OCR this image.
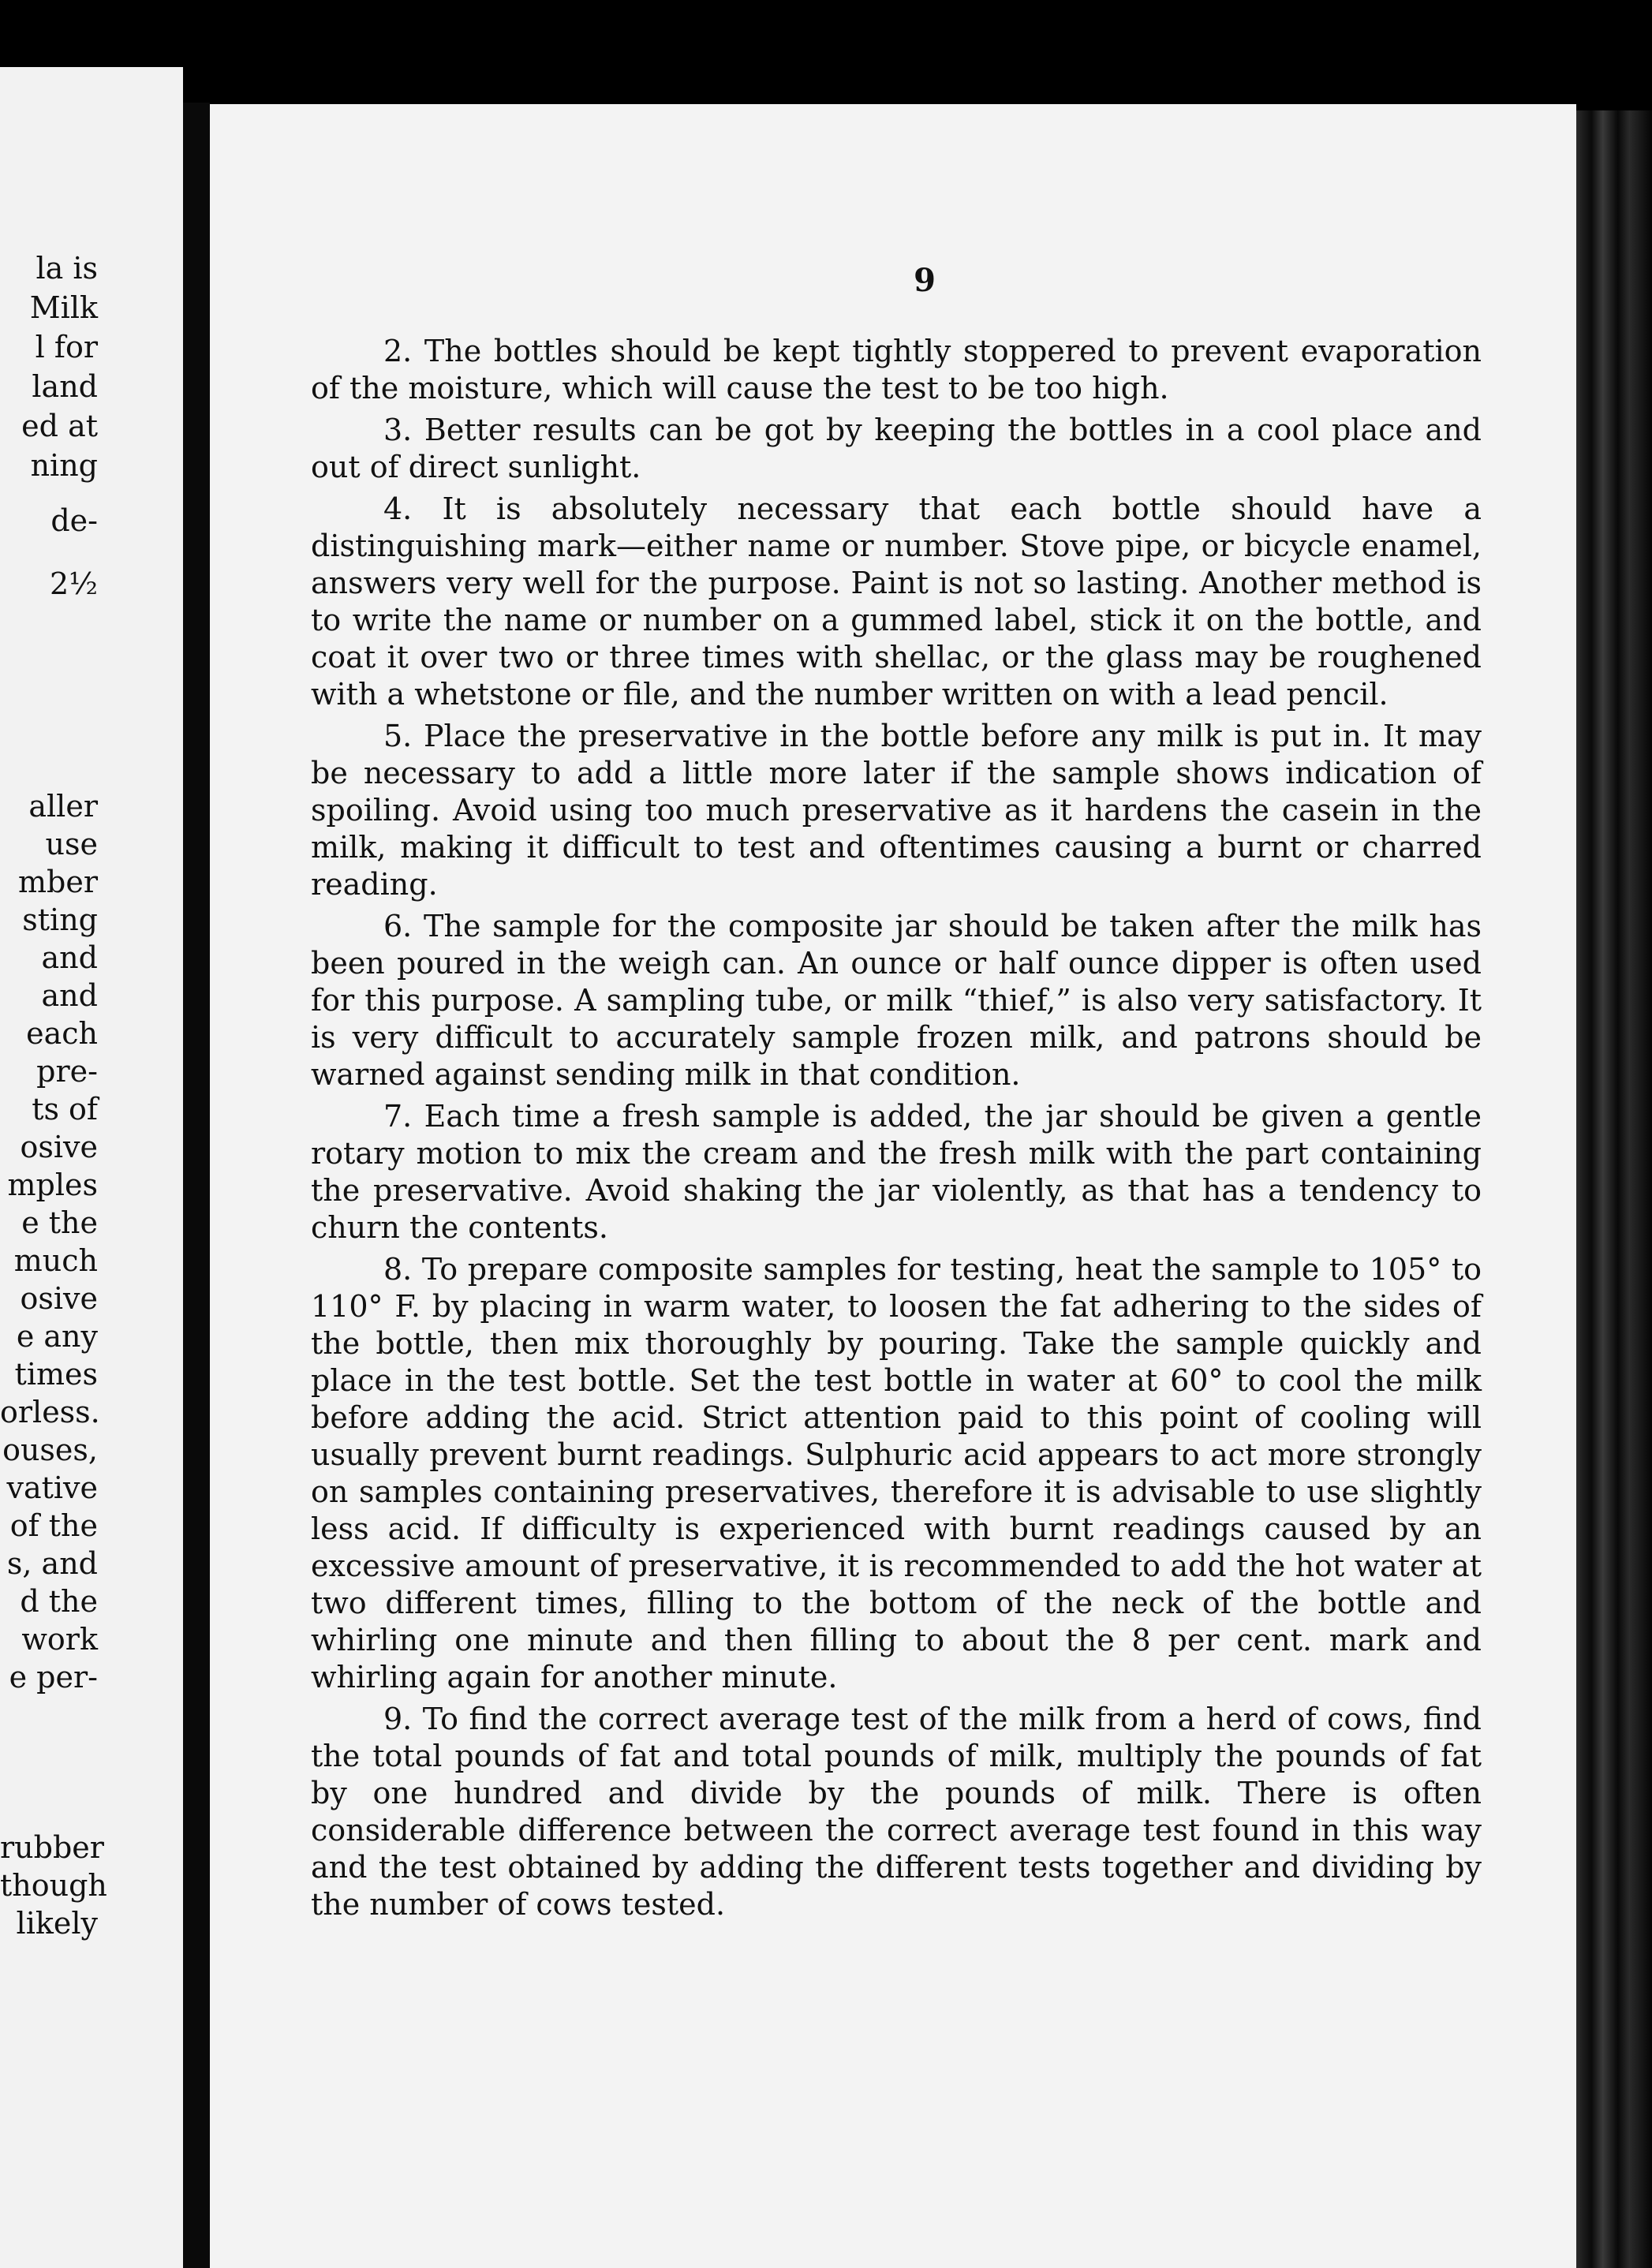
la is
Milk
l for
land
ed at
ning
de-
2½
aller
use
mber
sting
and
and
each
pre-
ts of
osive
mples
e the
much
osive
e any
times
orless.
ouses,
vative
of the
s, and
d the
work
e per-
rubber
though
likely
9

2. The bottles should be kept tightly stoppered to prevent evaporation of the moisture, which will cause the test to be too high.

3. Better results can be got by keeping the bottles in a cool place and out of direct sunlight.

4. It is absolutely necessary that each bottle should have a distinguishing mark—either name or number. Stove pipe, or bicycle enamel, answers very well for the purpose. Paint is not so lasting. Another method is to write the name or number on a gummed label, stick it on the bottle, and coat it over two or three times with shellac, or the glass may be roughened with a whetstone or file, and the number written on with a lead pencil.

5. Place the preservative in the bottle before any milk is put in. It may be necessary to add a little more later if the sample shows indication of spoiling. Avoid using too much preservative as it hardens the casein in the milk, making it difficult to test and oftentimes causing a burnt or charred reading.

6. The sample for the composite jar should be taken after the milk has been poured in the weigh can. An ounce or half ounce dipper is often used for this purpose. A sampling tube, or milk “thief,” is also very satisfactory. It is very difficult to accurately sample frozen milk, and patrons should be warned against sending milk in that condition.

7. Each time a fresh sample is added, the jar should be given a gentle rotary motion to mix the cream and the fresh milk with the part containing the preservative. Avoid shaking the jar violently, as that has a tendency to churn the contents.

8. To prepare composite samples for testing, heat the sample to 105° to 110° F. by placing in warm water, to loosen the fat adhering to the sides of the bottle, then mix thoroughly by pouring. Take the sample quickly and place in the test bottle. Set the test bottle in water at 60° to cool the milk before adding the acid. Strict attention paid to this point of cooling will usually prevent burnt readings. Sulphuric acid appears to act more strongly on samples containing preservatives, therefore it is advisable to use slightly less acid. If difficulty is experienced with burnt readings caused by an excessive amount of preservative, it is recommended to add the hot water at two different times, filling to the bottom of the neck of the bottle and whirling one minute and then filling to about the 8 per cent. mark and whirling again for another minute.

9. To find the correct average test of the milk from a herd of cows, find the total pounds of fat and total pounds of milk, multiply the pounds of fat by one hundred and divide by the pounds of milk. There is often considerable difference between the correct average test found in this way and the test obtained by adding the different tests together and dividing by the number of cows tested.
